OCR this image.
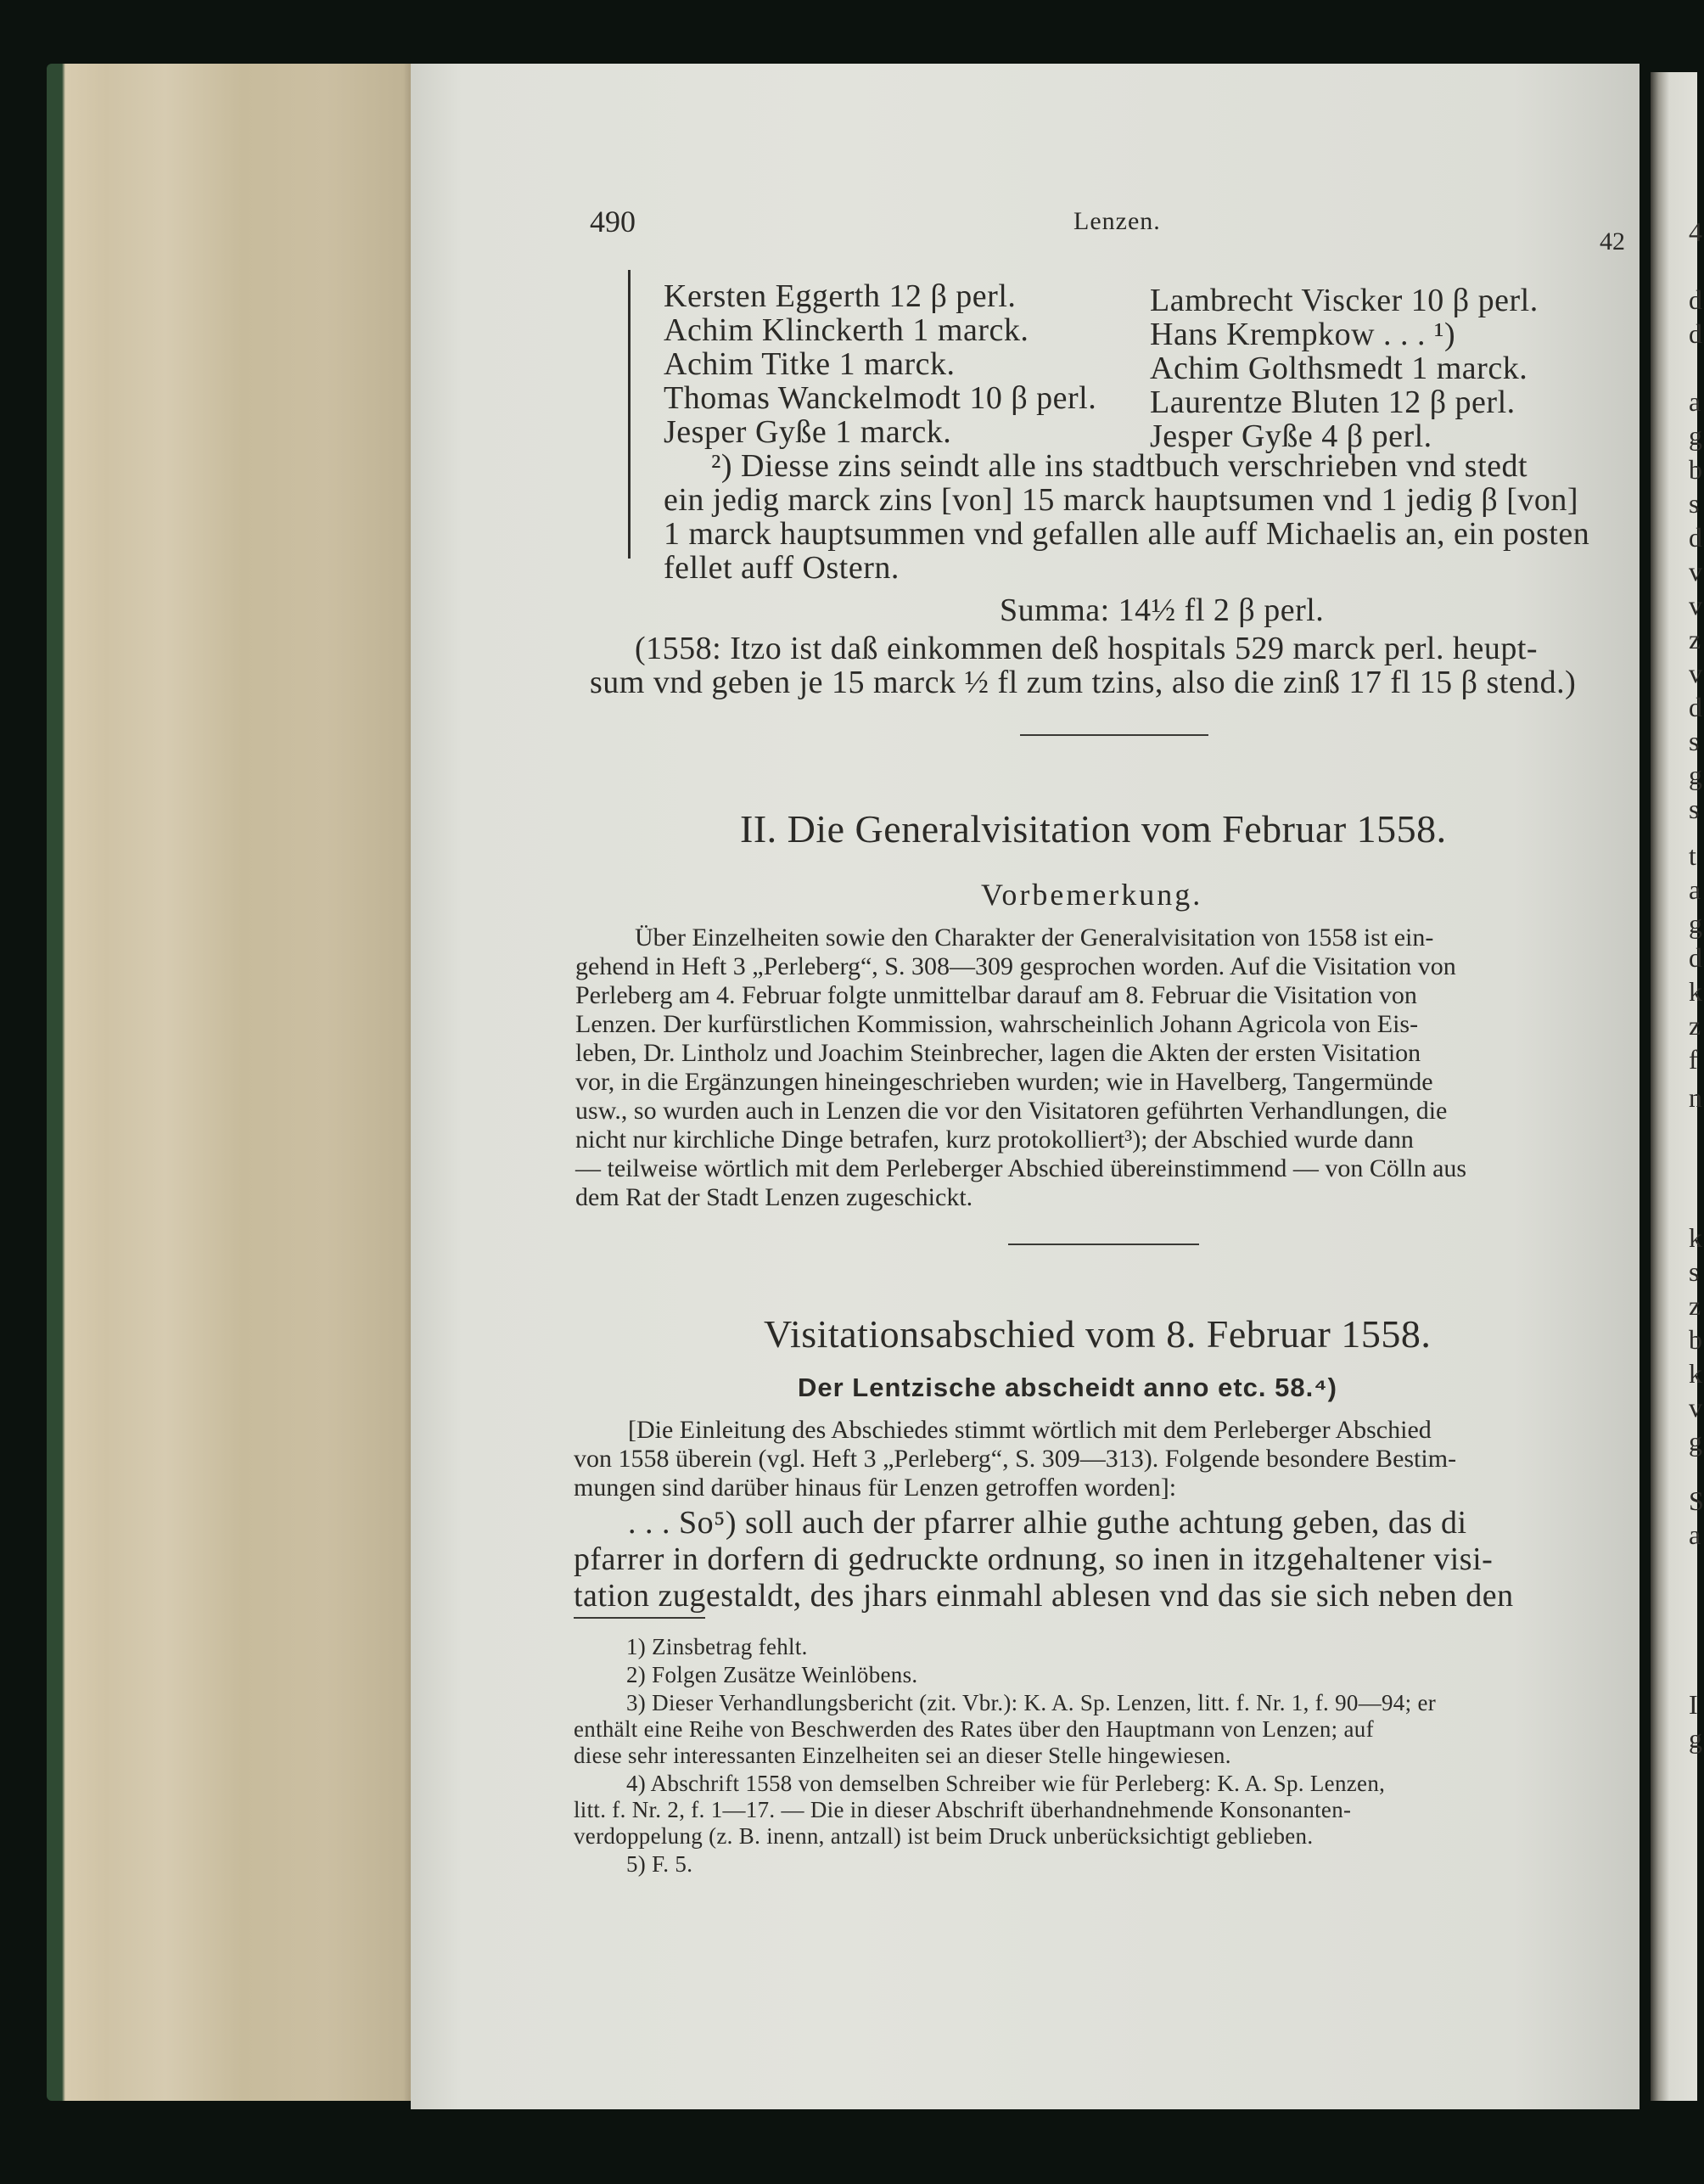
4
d
d
a
g
b
s
d
v
v
z
v
d
s
g
s
t
a
g
d
k
z
f
n
k
s
z
b
k
v
g
S
a
I
g
490	Lenzen.
42
Kersten Eggerth 12 β perl.
Achim Klinckerth 1 marck.
Achim Titke 1 marck.
Thomas Wanckelmodt 10 β perl.
Jesper Gyße 1 marck.
Lambrecht Viscker 10 β perl.
Hans Krempkow . . . ¹)
Achim Golthsmedt 1 marck.
Laurentze Bluten 12 β perl.
Jesper Gyße 4 β perl.
²) Diesse zins seindt alle ins stadtbuch verschrieben vnd stedt
ein jedig marck zins [von] 15 marck hauptsumen vnd 1 jedig β [von]
1 marck hauptsummen vnd gefallen alle auff Michaelis an, ein posten
fellet auff Ostern.
Summa: 14½ fl 2 β perl.
(1558: Itzo ist daß einkommen deß hospitals 529 marck perl. heupt-
sum vnd geben je 15 marck ½ fl zum tzins, also die zinß 17 fl 15 β stend.)
II. Die Generalvisitation vom Februar 1558.
Vorbemerkung.
Über Einzelheiten sowie den Charakter der Generalvisitation von 1558 ist ein-
gehend in Heft 3 „Perleberg“, S. 308—309 gesprochen worden. Auf die Visitation von
Perleberg am 4. Februar folgte unmittelbar darauf am 8. Februar die Visitation von
Lenzen. Der kurfürstlichen Kommission, wahrscheinlich Johann Agricola von Eis-
leben, Dr. Lintholz und Joachim Steinbrecher, lagen die Akten der ersten Visitation
vor, in die Ergänzungen hineingeschrieben wurden; wie in Havelberg, Tangermünde
usw., so wurden auch in Lenzen die vor den Visitatoren geführten Verhandlungen, die
nicht nur kirchliche Dinge betrafen, kurz protokolliert³); der Abschied wurde dann
— teilweise wörtlich mit dem Perleberger Abschied übereinstimmend — von Cölln aus
dem Rat der Stadt Lenzen zugeschickt.
Visitationsabschied vom 8. Februar 1558.
Der Lentzische abscheidt anno etc. 58.⁴)
[Die Einleitung des Abschiedes stimmt wörtlich mit dem Perleberger Abschied
von 1558 überein (vgl. Heft 3 „Perleberg“, S. 309—313). Folgende besondere Bestim-
mungen sind darüber hinaus für Lenzen getroffen worden]:
. . . So⁵) soll auch der pfarrer alhie guthe achtung geben, das di
pfarrer in dorfern di gedruckte ordnung, so inen in itzgehaltener visi-
tation zugestaldt, des jhars einmahl ablesen vnd das sie sich neben den
1) Zinsbetrag fehlt.
2) Folgen Zusätze Weinlöbens.
3) Dieser Verhandlungsbericht (zit. Vbr.): K. A. Sp. Lenzen, litt. f. Nr. 1, f. 90—94; er
enthält eine Reihe von Beschwerden des Rates über den Hauptmann von Lenzen; auf
diese sehr interessanten Einzelheiten sei an dieser Stelle hingewiesen.
4) Abschrift 1558 von demselben Schreiber wie für Perleberg: K. A. Sp. Lenzen,
litt. f. Nr. 2, f. 1—17. — Die in dieser Abschrift überhandnehmende Konsonanten-
verdoppelung (z. B. inenn, antzall) ist beim Druck unberücksichtigt geblieben.
5) F. 5.
